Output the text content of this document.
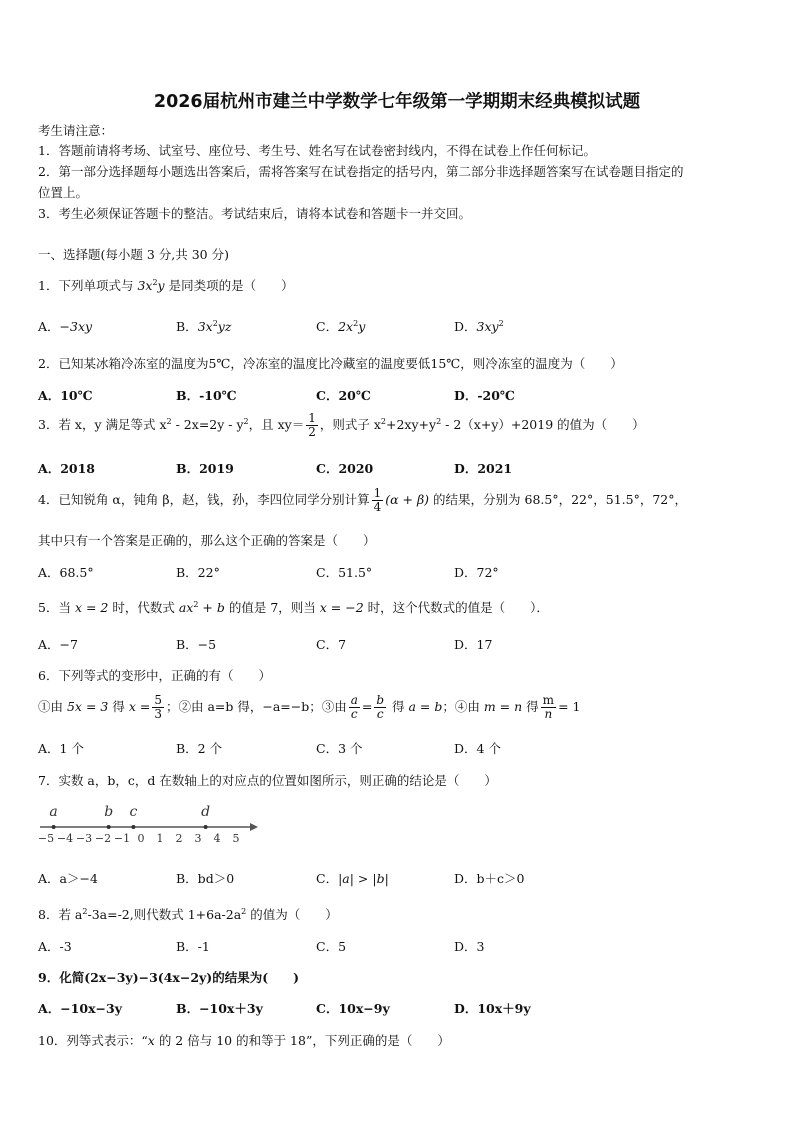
2026届杭州市建兰中学数学七年级第一学期期末经典模拟试题
考生请注意：
1．答题前请将考场、试室号、座位号、考生号、姓名写在试卷密封线内，不得在试卷上作任何标记。
2．第一部分选择题每小题选出答案后，需将答案写在试卷指定的括号内，第二部分非选择题答案写在试卷题目指定的
位置上。
3．考生必须保证答题卡的整洁。考试结束后，请将本试卷和答题卡一并交回。
一、选择题(每小题 3 分,共 30 分)
1．下列单项式与 $3x^2y$ 是同类项的是（　　）
A．−3xy	B．$3x^2yz$	C．$2x^2y$	D．$3xy^2$
2．已知某冰箱冷冻室的温度为5℃，冷冻室的温度比冷藏室的温度要低15℃，则冷冻室的温度为（　　）
A．10℃	B．-10℃	C．20℃	D．-20℃
3．若 x，y 满足等式 $x^2 - 2x=2y - y^2$，且 $xy= \frac{1}{2}$ ，则式子 $x^2+2xy+y^2 - 2(x+y)+2019$ 的值为（　　）
A．2018	B．2019	C．2020	D．2021
4．已知锐角 α，钝角 β，赵，钱，孙，李四位同学分别计算 $\frac{1}{4} (\alpha + \beta)$ 的结果，分别为 68.5°，22°，51.5°，72°，
其中只有一个答案是正确的，那么这个正确的答案是（　　）
A．68.5°	B．22°	C．51.5°	D．72°
5．当 x = 2 时，代数式 $ax^2 + b$ 的值是 7，则当 x = −2 时，这个代数式的值是（　　）．
A．−7	B．−5	C．7	D．17
6．下列等式的变形中，正确的有（　　）
①由 5x = 3 得 $x = \frac{5}{3}$ ；②由 a=b 得，−a=−b；③由 $\frac{a}{c} = \frac{b}{c}$ 得 a = b；④由 m = n 得 $\frac{m}{n} = 1$
A．1 个	B．2 个	C．3 个	D．4 个
7．实数 a，b，c，d 在数轴上的对应点的位置如图所示，则正确的结论是（　　）
−5 −4 −3 −2 −1 0 1 2 3 4 5
a	b c	d
A．a＞−4	B．bd＞0	C．|a| > |b|	D．b＋c＞0
8．若 $a^2-3a=-2$,则代数式 $1+6a-2a^2$ 的值为（　　）
A．-3	B．-1	C．5	D．3
9．化简(2x−3y)−3(4x−2y)的结果为(　　)
A．−10x−3y	B．−10x＋3y	C．10x−9y	D．10x＋9y
10．列等式表示：“x 的 2 倍与 10 的和等于 18”，下列正确的是（　　）
